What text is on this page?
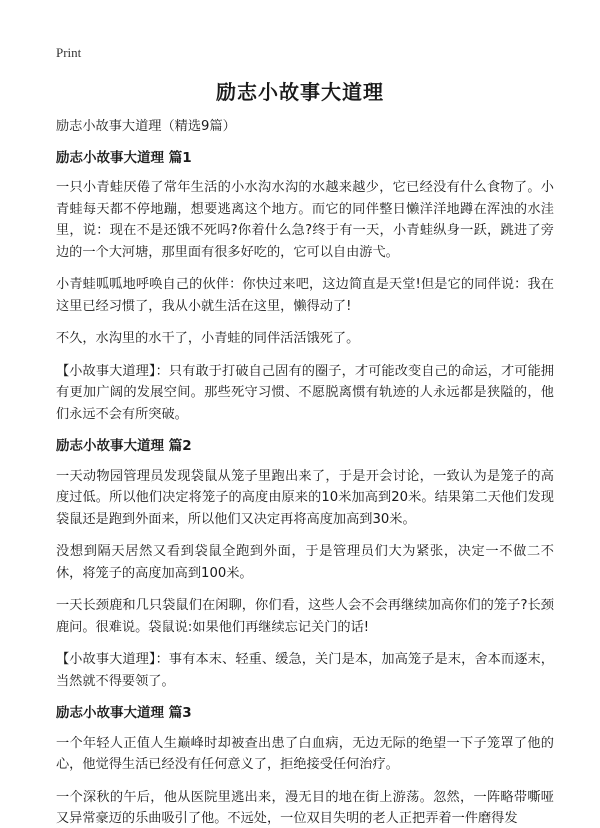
Print
励志小故事大道理

励志小故事大道理（精选9篇）

励志小故事大道理 篇1

一只小青蛙厌倦了常年生活的小水沟水沟的水越来越少，它已经没有什么食物了。小青蛙每天都不停地蹦，想要逃离这个地方。而它的同伴整日懒洋洋地蹲在浑浊的水洼里，说：现在不是还饿不死吗?你着什么急?终于有一天，小青蛙纵身一跃，跳进了旁边的一个大河塘，那里面有很多好吃的，它可以自由游弋。

小青蛙呱呱地呼唤自己的伙伴：你快过来吧，这边简直是天堂!但是它的同伴说：我在这里已经习惯了，我从小就生活在这里，懒得动了!

不久，水沟里的水干了，小青蛙的同伴活活饿死了。

【小故事大道理】：只有敢于打破自己固有的圈子，才可能改变自己的命运，才可能拥有更加广阔的发展空间。那些死守习惯、不愿脱离惯有轨迹的人永远都是狭隘的，他们永远不会有所突破。

励志小故事大道理 篇2

一天动物园管理员发现袋鼠从笼子里跑出来了，于是开会讨论，一致认为是笼子的高度过低。所以他们决定将笼子的高度由原来的10米加高到20米。结果第二天他们发现袋鼠还是跑到外面来，所以他们又决定再将高度加高到30米。

没想到隔天居然又看到袋鼠全跑到外面，于是管理员们大为紧张，决定一不做二不休，将笼子的高度加高到100米。

一天长颈鹿和几只袋鼠们在闲聊，你们看，这些人会不会再继续加高你们的笼子?长颈鹿问。很难说。袋鼠说:如果他们再继续忘记关门的话!

【小故事大道理】：事有本末、轻重、缓急，关门是本，加高笼子是末，舍本而逐末，当然就不得要领了。

励志小故事大道理 篇3

一个年轻人正值人生巅峰时却被查出患了白血病，无边无际的绝望一下子笼罩了他的心，他觉得生活已经没有任何意义了，拒绝接受任何治疗。

一个深秋的午后，他从医院里逃出来，漫无目的地在街上游荡。忽然，一阵略带嘶哑又异常豪迈的乐曲吸引了他。不远处，一位双目失明的老人正把弄着一件磨得发
